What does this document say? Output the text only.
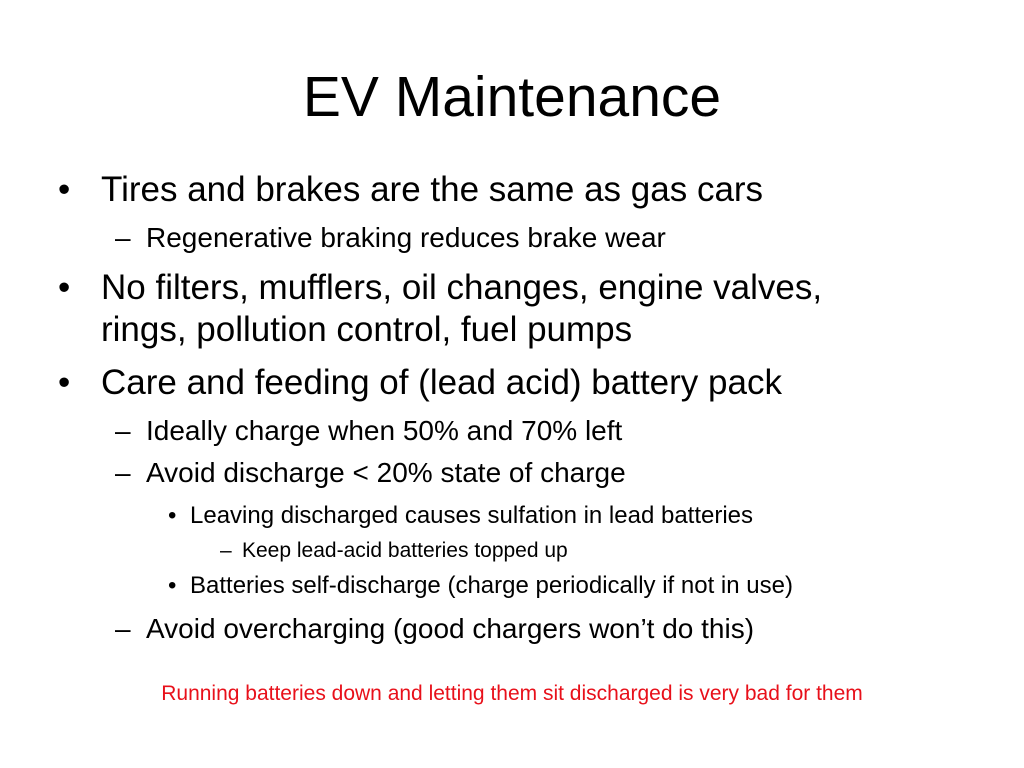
EV Maintenance
• Tires and brakes are the same as gas cars
– Regenerative braking reduces brake wear
• No filters, mufflers, oil changes, engine valves,
rings, pollution control, fuel pumps
• Care and feeding of (lead acid) battery pack
– Ideally charge when 50% and 70% left
– Avoid discharge < 20% state of charge
• Leaving discharged causes sulfation in lead batteries
– Keep lead-acid batteries topped up
• Batteries self-discharge (charge periodically if not in use)
– Avoid overcharging (good chargers won’t do this)
Running batteries down and letting them sit discharged is very bad for them
